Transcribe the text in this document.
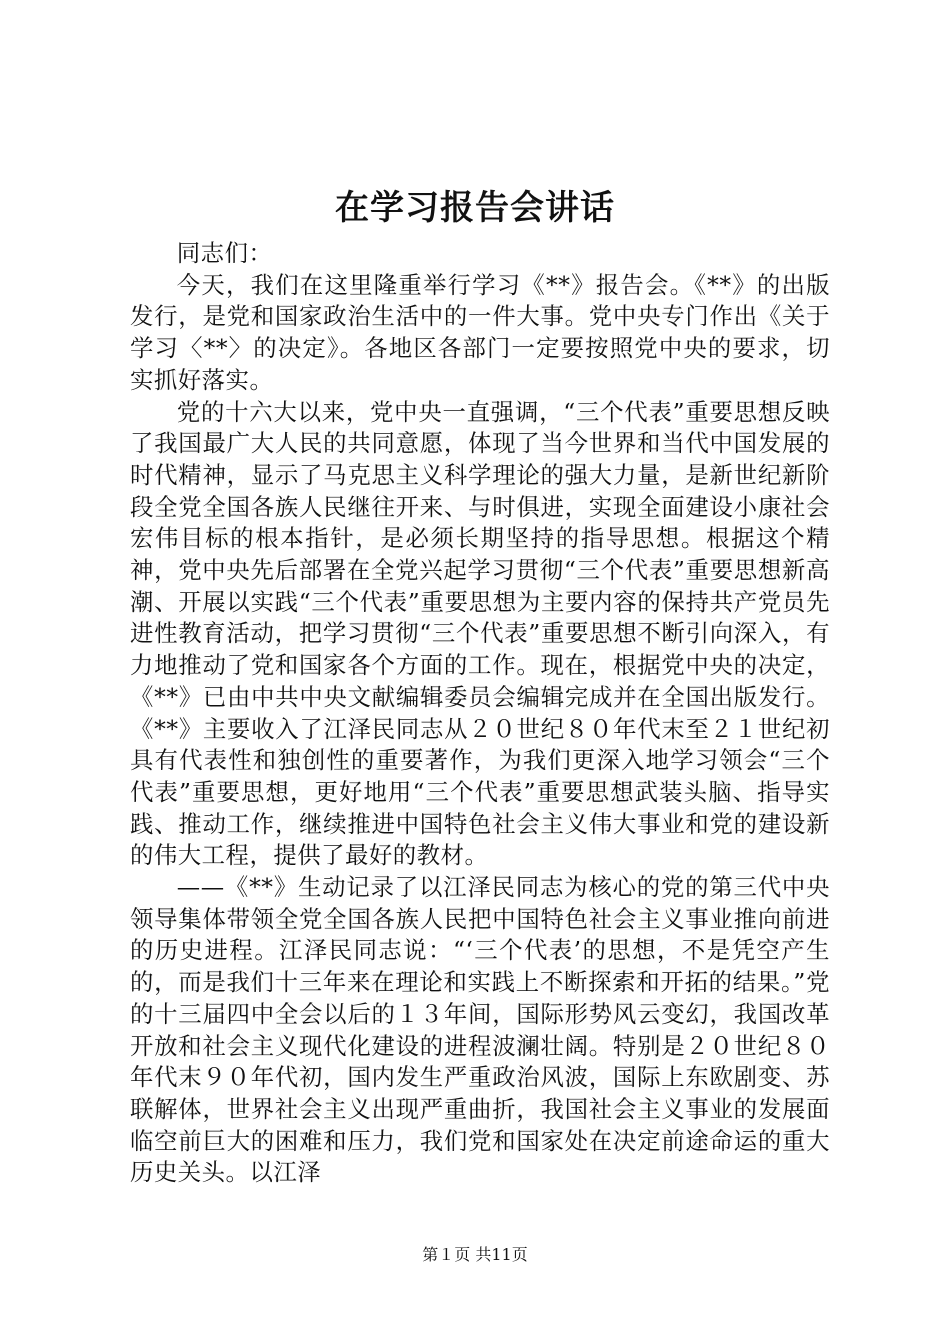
在学习报告会讲话

同志们：

今天，我们在这里隆重举行学习《**》报告会。《**》的出版发行，是党和国家政治生活中的一件大事。党中央专门作出《关于学习〈**〉的决定》。各地区各部门一定要按照党中央的要求，切实抓好落实。

党的十六大以来，党中央一直强调，“三个代表”重要思想反映了我国最广大人民的共同意愿，体现了当今世界和当代中国发展的时代精神，显示了马克思主义科学理论的强大力量，是新世纪新阶段全党全国各族人民继往开来、与时俱进，实现全面建设小康社会宏伟目标的根本指针，是必须长期坚持的指导思想。根据这个精神，党中央先后部署在全党兴起学习贯彻“三个代表”重要思想新高潮、开展以实践“三个代表”重要思想为主要内容的保持共产党员先进性教育活动，把学习贯彻“三个代表”重要思想不断引向深入，有力地推动了党和国家各个方面的工作。现在，根据党中央的决定，《**》已由中共中央文献编辑委员会编辑完成并在全国出版发行。《**》主要收入了江泽民同志从２０世纪８０年代末至２１世纪初具有代表性和独创性的重要著作，为我们更深入地学习领会“三个代表”重要思想，更好地用“三个代表”重要思想武装头脑、指导实践、推动工作，继续推进中国特色社会主义伟大事业和党的建设新的伟大工程，提供了最好的教材。

——《**》生动记录了以江泽民同志为核心的党的第三代中央领导集体带领全党全国各族人民把中国特色社会主义事业推向前进的历史进程。江泽民同志说：“‘三个代表’的思想，不是凭空产生的，而是我们十三年来在理论和实践上不断探索和开拓的结果。”党的十三届四中全会以后的１３年间，国际形势风云变幻，我国改革开放和社会主义现代化建设的进程波澜壮阔。特别是２０世纪８０年代末９０年代初，国内发生严重政治风波，国际上东欧剧变、苏联解体，世界社会主义出现严重曲折，我国社会主义事业的发展面临空前巨大的困难和压力，我们党和国家处在决定前途命运的重大历史关头。以江泽

第１页 共11页
